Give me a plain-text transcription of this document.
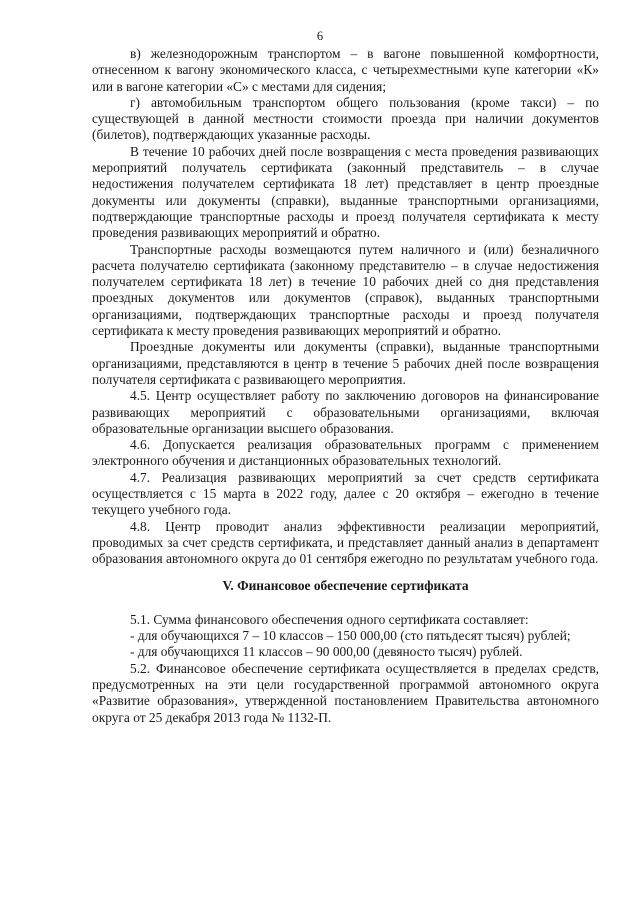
6

в) железнодорожным транспортом – в вагоне повышенной комфортности, отнесенном к вагону экономического класса, с четырехместными купе категории «К» или в вагоне категории «С» с местами для сидения;

г) автомобильным транспортом общего пользования (кроме такси) – по существующей в данной местности стоимости проезда при наличии документов (билетов), подтверждающих указанные расходы.

В течение 10 рабочих дней после возвращения с места проведения развивающих мероприятий получатель сертификата (законный представитель – в случае недостижения получателем сертификата 18 лет) представляет в центр проездные документы или документы (справки), выданные транспортными организациями, подтверждающие транспортные расходы и проезд получателя сертификата к месту проведения развивающих мероприятий и обратно.

Транспортные расходы возмещаются путем наличного и (или) безналичного расчета получателю сертификата (законному представителю – в случае недостижения получателем сертификата 18 лет) в течение 10 рабочих дней со дня представления проездных документов или документов (справок), выданных транспортными организациями, подтверждающих транспортные расходы и проезд получателя сертификата к месту проведения развивающих мероприятий и обратно.

Проездные документы или документы (справки), выданные транспортными организациями, представляются в центр в течение 5 рабочих дней после возвращения получателя сертификата с развивающего мероприятия.

4.5. Центр осуществляет работу по заключению договоров на финансирование развивающих мероприятий с образовательными организациями, включая образовательные организации высшего образования.

4.6. Допускается реализация образовательных программ с применением электронного обучения и дистанционных образовательных технологий.

4.7. Реализация развивающих мероприятий за счет средств сертификата осуществляется с 15 марта в 2022 году, далее с 20 октября – ежегодно в течение текущего учебного года.

4.8. Центр проводит анализ эффективности реализации мероприятий, проводимых за счет средств сертификата, и представляет данный анализ в департамент образования автономного округа до 01 сентября ежегодно по результатам учебного года.

V. Финансовое обеспечение сертификата

5.1. Сумма финансового обеспечения одного сертификата составляет:

- для обучающихся 7 – 10 классов – 150 000,00 (сто пятьдесят тысяч) рублей;

- для обучающихся 11 классов – 90 000,00 (девяносто тысяч) рублей.

5.2. Финансовое обеспечение сертификата осуществляется в пределах средств, предусмотренных на эти цели государственной программой автономного округа «Развитие образования», утвержденной постановлением Правительства автономного округа от 25 декабря 2013 года № 1132-П.
